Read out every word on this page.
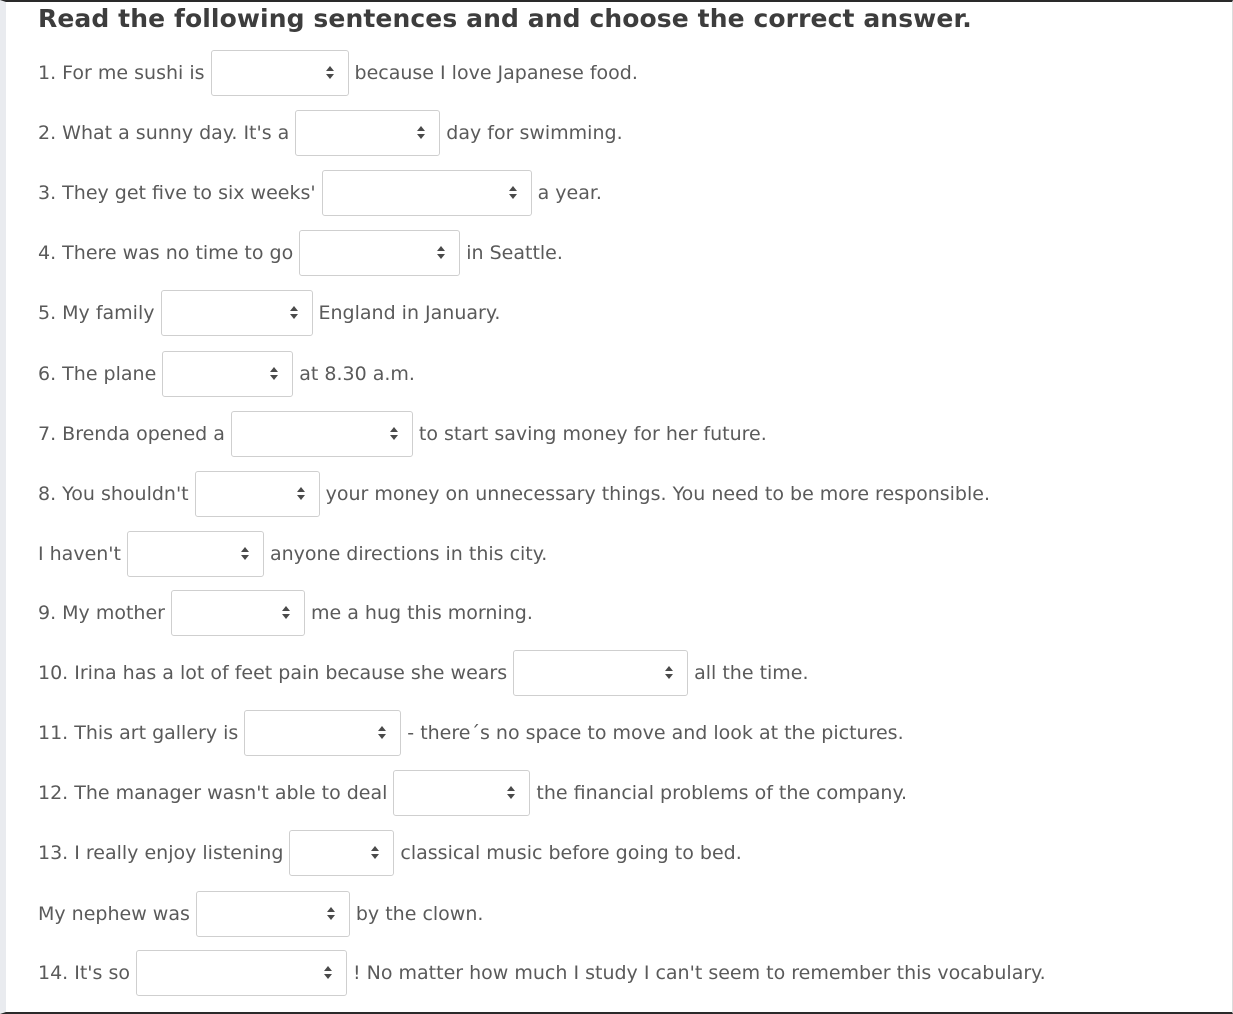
Read the following sentences and and choose the correct answer.
1. For me sushi is	because I love Japanese food.
2. What a sunny day. It's a	day for swimming.
3. They get five to six weeks'	a year.
4. There was no time to go	in Seattle.
5. My family	England in January.
6. The plane	at 8.30 a.m.
7. Brenda opened a	to start saving money for her future.
8. You shouldn't	your money on unnecessary things. You need to be more responsible.
I haven't	anyone directions in this city.
9. My mother	me a hug this morning.
10. Irina has a lot of feet pain because she wears	all the time.
11. This art gallery is	- there´s no space to move and look at the pictures.
12. The manager wasn't able to deal	the financial problems of the company.
13. I really enjoy listening	classical music before going to bed.
My nephew was	by the clown.
14. It's so	! No matter how much I study I can't seem to remember this vocabulary.
